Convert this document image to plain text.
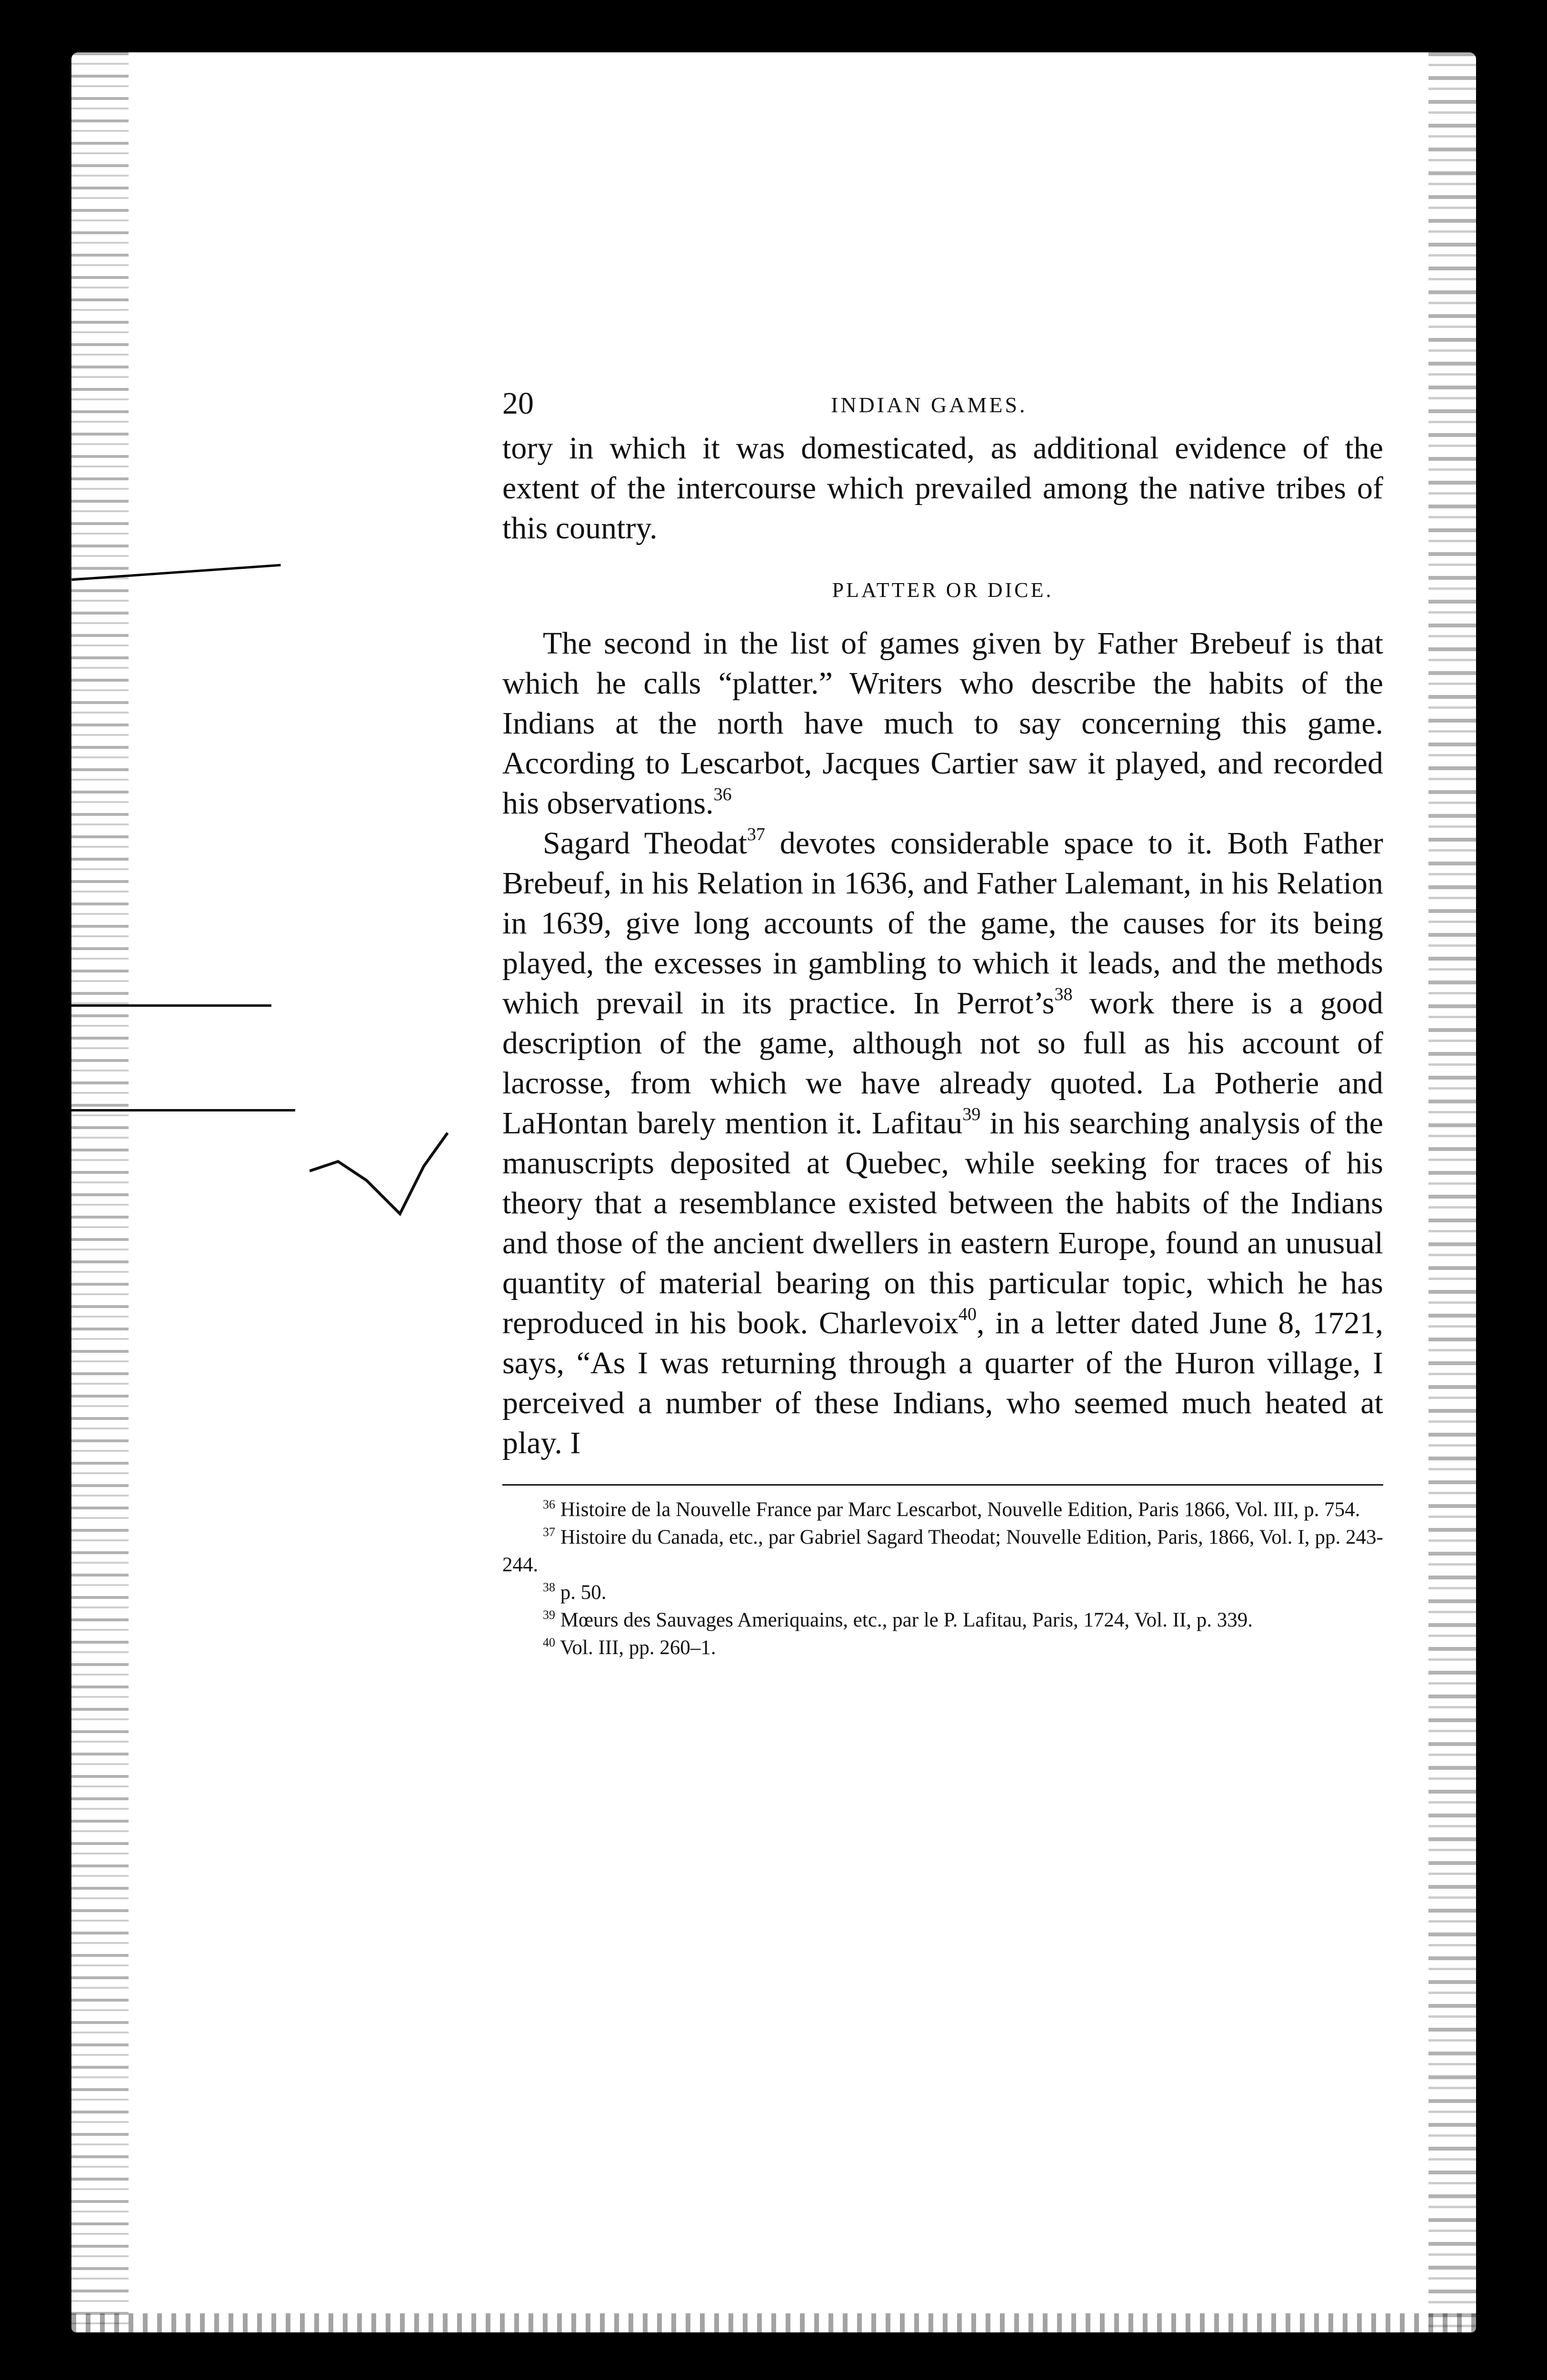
20	INDIAN GAMES.

tory in which it was domesticated, as additional evidence of the extent of the intercourse which prevailed among the native tribes of this country.

PLATTER OR DICE.

The second in the list of games given by Father Brebeuf is that which he calls “platter.” Writers who describe the habits of the Indians at the north have much to say concerning this game. According to Lescarbot, Jacques Cartier saw it played, and recorded his observations.$^{36}$

Sagard Theodat$^{37}$ devotes considerable space to it. Both Father Brebeuf, in his Relation in 1636, and Father Lalemant, in his Relation in 1639, give long accounts of the game, the causes for its being played, the excesses in gambling to which it leads, and the methods which prevail in its practice. In $Perrot’s^{38}$ work there is a good description of the game, although not so full as his account of lacrosse, from which we have already quoted. La Potherie and LaHontan barely mention it. Lafitau$^{39}$ in his searching analysis of the manuscripts deposited at Quebec, while seeking for traces of his theory that a resemblance existed between the habits of the Indians and those of the ancient dwellers in eastern Europe, found an unusual quantity of material bearing on this particular topic, which he has reproduced in his book. Charlevoix$^{40}$, in a letter dated June 8, 1721, says, “As I was returning through a quarter of the Huron village, I perceived a number of these Indians, who seemed much heated at play. I

$^{36}$ Histoire de la Nouvelle France par Marc Lescarbot, Nouvelle Edition, Paris 1866, Vol. III, p. 754.

$^{37}$ Histoire du Canada, etc., par Gabriel Sagard Theodat; Nouvelle Edition, Paris, 1866, Vol. I, pp. 243-244.

$^{38}$ p. 50.

$^{39}$ Mœurs des Sauvages Ameriquains, etc., par le P. Lafitau, Paris, 1724, Vol. II, p. 339.

$^{40}$ Vol. III, pp. 260–1.
